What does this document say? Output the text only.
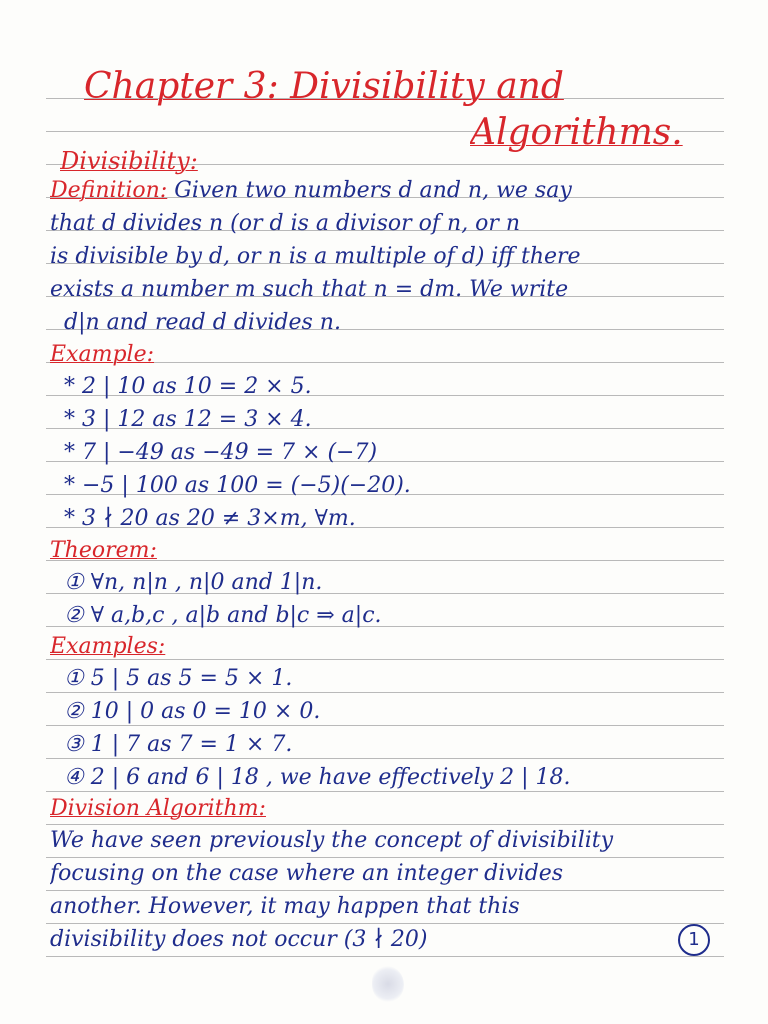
Chapter 3: Divisibility and
Algorithms.
Divisibility:
Definition: Given two numbers d and n, we say
that d divides n (or d is a divisor of n, or n
is divisible by d, or n is a multiple of d) iff there
exists a number m such that n = dm. We write
d|n and read d divides n.
Example:
* 2 | 10 as 10 = 2 × 5.
* 3 | 12 as 12 = 3 × 4.
* 7 | −49 as −49 = 7 × (−7)
* −5 | 100 as 100 = (−5)(−20).
* 3 ∤ 20 as 20 ≠ 3×m, ∀m.
Theorem:
① ∀n, n|n , n|0 and 1|n.
② ∀ a,b,c , a|b and b|c ⇒ a|c.
Examples:
① 5 | 5 as 5 = 5 × 1.
② 10 | 0 as 0 = 10 × 0.
③ 1 | 7 as 7 = 1 × 7.
④ 2 | 6 and 6 | 18 , we have effectively 2 | 18.
Division Algorithm:
We have seen previously the concept of divisibility
focusing on the case where an integer divides
another. However, it may happen that this
divisibility does not occur (3 ∤ 20)	1
